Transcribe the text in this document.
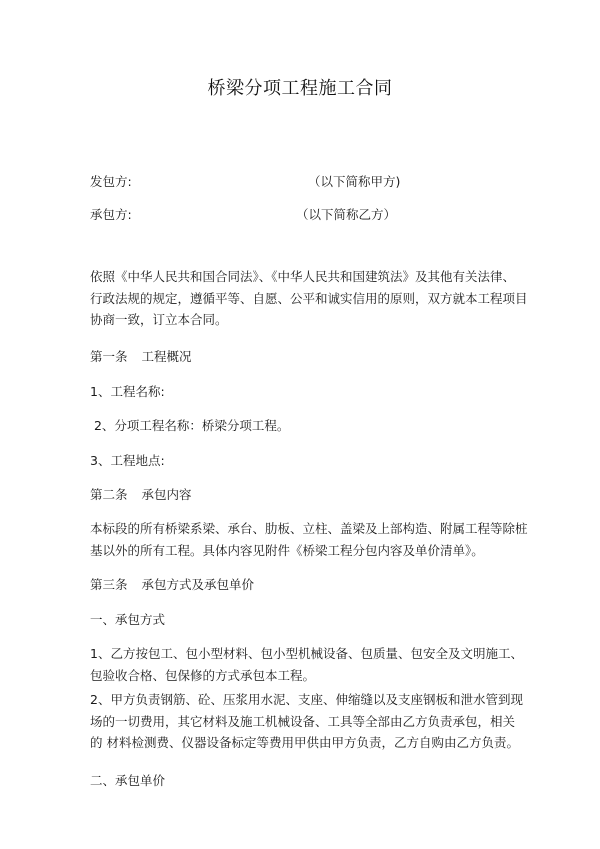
桥梁分项工程施工合同
发包方:	（以下简称甲方)
承包方:	（以下简称乙方）
依照《中华人民共和国合同法》、《中华人民共和国建筑法》及其他有关法律、
行政法规的规定，遵循平等、自愿、公平和诚实信用的原则，双方就本工程项目
协商一致，订立本合同。
第一条 工程概况
1、工程名称:
2、分项工程名称：桥梁分项工程。
3、工程地点:
第二条 承包内容
本标段的所有桥梁系梁、承台、肋板、立柱、盖梁及上部构造、附属工程等除桩
基以外的所有工程。具体内容见附件《桥梁工程分包内容及单价清单》。
第三条 承包方式及承包单价
一、承包方式
1、乙方按包工、包小型材料、包小型机械设备、包质量、包安全及文明施工、
包验收合格、包保修的方式承包本工程。
2、甲方负责钢筋、砼、压浆用水泥、支座、伸缩缝以及支座钢板和泄水管到现
场的一切费用，其它材料及施工机械设备、工具等全部由乙方负责承包，相关
的 材料检测费、仪器设备标定等费用甲供由甲方负责，乙方自购由乙方负责。
二、承包单价
